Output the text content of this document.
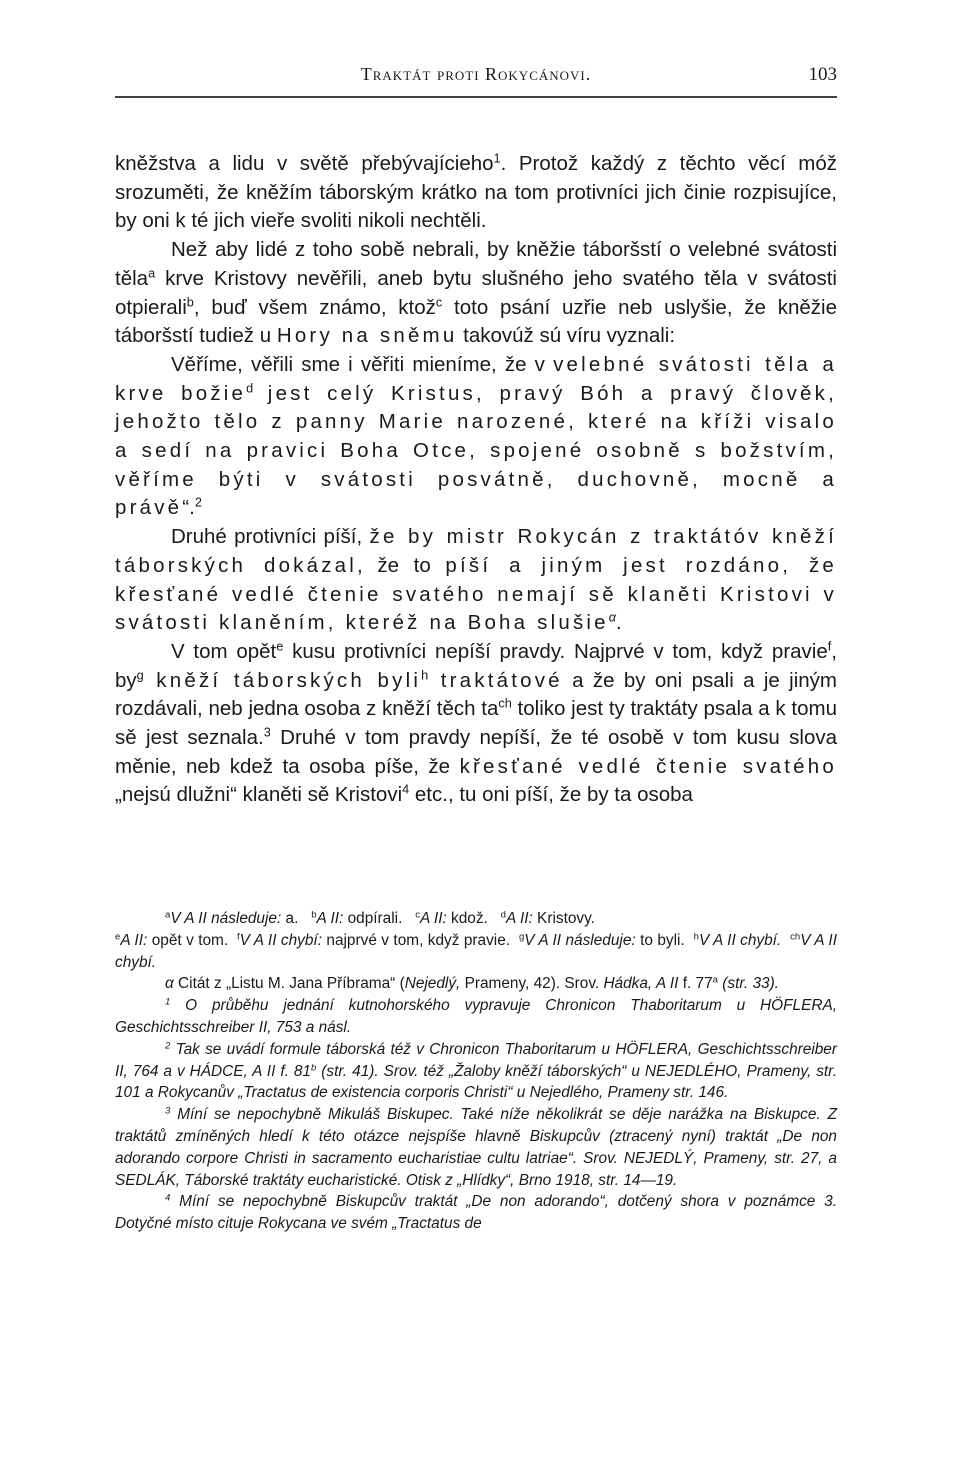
Traktát proti Rokycánovi.	103

kněžstva a lidu v světě přebývajícieho$^1$. Protož každý z těchto věcí móž srozuměti, že kněžím táborským krátko na tom protivníci jich činie rozpisujíce, by oni k té jich vieře svoliti nikoli nechtěli.

Než aby lidé z toho sobě nebrali, by kněžie táboršstí o velebné svátosti těla$^a$ krve Kristovy nevěřili, aneb bytu slušného jeho svatého těla v svátosti otpierali$^b$, buď všem známo, ktož$^c$ toto psání uzřie neb uslyšie, že kněžie táboršstí tudiež u Hory na sněmu takovúž sú víru vyznali:

Věříme, věřili sme i věřiti mieníme, že v velebné svátosti těla a krve božie$^d$ jest celý Kristus, pravý Bóh a pravý člověk, jehožto tělo z panny Marie narozené, které na kříži visalo a sedí na pravici Boha Otce, spojené osobně s božstvím, věříme býti v svátosti posvátně, duchovně, mocně a právě“.$^2$

Druhé protivníci píší, že by mistr Rokycán z traktátóv kněží táborských dokázal, že to píší a jiným jest rozdáno, že křesťané vedlé čtenie svatého nemají sě klaněti Kristovi v svátosti klaněním, kteréž na Boha slušie$^\alpha$.

V tom opět$^e$ kusu protivníci nepíší pravdy. Najprvé v tom, když pravie$^f$, $by^g$ kněží táborských byli$^h$ traktátové a že by oni psali a je jiným rozdávali, neb jedna osoba z kněží těch $ta^{ch}$ toliko jest ty traktáty psala a k tomu sě jest seznala.$^3$ Druhé v tom pravdy nepíší, že té osobě v tom kusu slova měnie, neb kdež ta osoba píše, že křesťané vedlé čtenie svatého „nejsú dlužni“ klaněti sě Kristovi$^4$ etc., tu oni píší, že by ta osoba

$^a$V A II následuje: a. $^b$A II: odpírali. $^c$A II: kdož. $^d$A II: Kristovy.

$^e$A II: opět v tom. $^f$V A II chybí: najprvé v tom, když pravie. $^g$V A II následuje: to byli. $^h$V A II chybí. $^{ch}$V A II chybí.

α Citát z „Listu M. Jana Příbrama“ (Nejedlý, Prameny, 42). Srov. Hádka, A II f. 77$^a$ (str. 33).

$^1$ O průběhu jednání kutnohorského vypravuje Chronicon Thaboritarum u HÖFLERA, Geschichtsschreiber II, 753 a násl.

$^2$ Tak se uvádí formule táborská též v Chronicon Thaboritarum u HÖFLERA, Geschichtsschreiber II, 764 a v HÁDCE, A II f. 81$^b$ (str. 41). Srov. též „Žaloby kněží táborských“ u NEJEDLÉHO, Prameny, str. 101 a Rokycanův „Tractatus de existencia corporis Christi“ u Nejedlého, Prameny str. 146.

$^3$ Míní se nepochybně Mikuláš Biskupec. Také níže několikrát se děje narážka na Biskupce. Z traktátů zmíněných hledí k této otázce nejspíše hlavně Biskupcův (ztracený nyní) traktát „De non adorando corpore Christi in sacramento eucharistiae cultu latriae“. Srov. NEJEDLÝ, Prameny, str. 27, a SEDLÁK, Táborské traktáty eucharistické. Otisk z „Hlídky“, Brno 1918, str. 14—19.

$^4$ Míní se nepochybně Biskupcův traktát „De non adorando“, dotčený shora v poznámce 3. Dotyčné místo cituje Rokycana ve svém „Tractatus de
